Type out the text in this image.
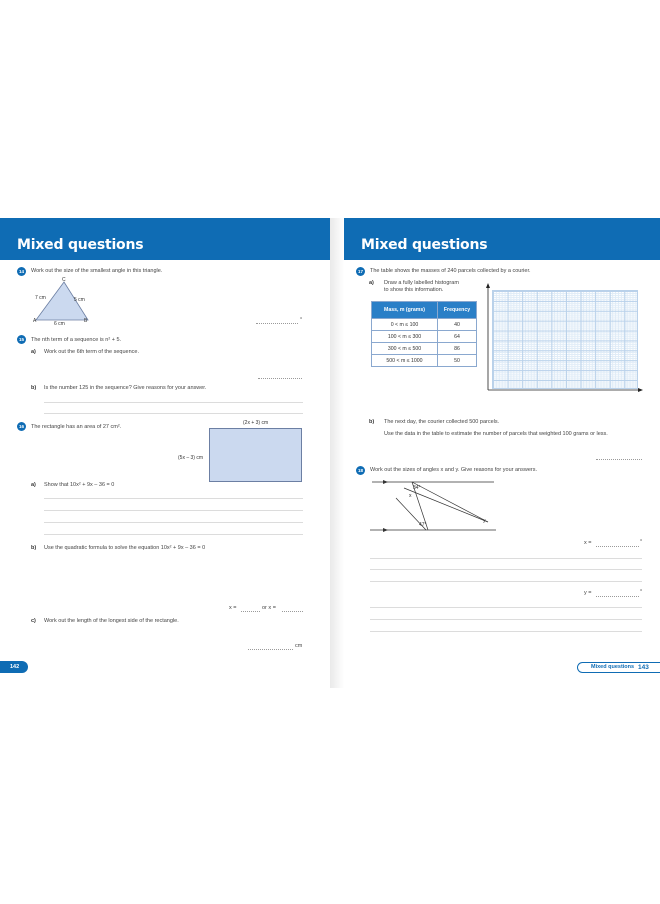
Mixed questions
14	Work out the size of the smallest angle in this triangle.
C
A	B
7 cm	5 cm
6 cm
°
15	The nth term of a sequence is n² + 5.
a) Work out the 6th term of the sequence.
b) Is the number 125 in the sequence? Give reasons for your answer.
16	The rectangle has an area of 27 cm².
(2x + 3) cm
(5x – 3) cm
a) Show that 10x² + 9x – 36 = 0
b) Use the quadratic formula to solve the equation 10x² + 9x – 36 = 0
x =	or x =
c) Work out the length of the longest side of the rectangle.
cm
142
Mixed questions
17	The table shows the masses of 240 parcels collected by a courier.
a) Draw a fully labelled histogram
to show this information.
Mass, m (grams)	Frequency
0 < m ≤ 100	40
100 < m ≤ 300	64
300 < m ≤ 500	86
500 < m ≤ 1000	50
b) The next day, the courier collected 500 parcels.
Use the data in the table to estimate the number of parcels that weighted 100 grams or less.
18	Work out the sizes of angles x and y. Give reasons for your answers.
34°
x
47°
y
x =	°
y =	°
Mixed questions 143
